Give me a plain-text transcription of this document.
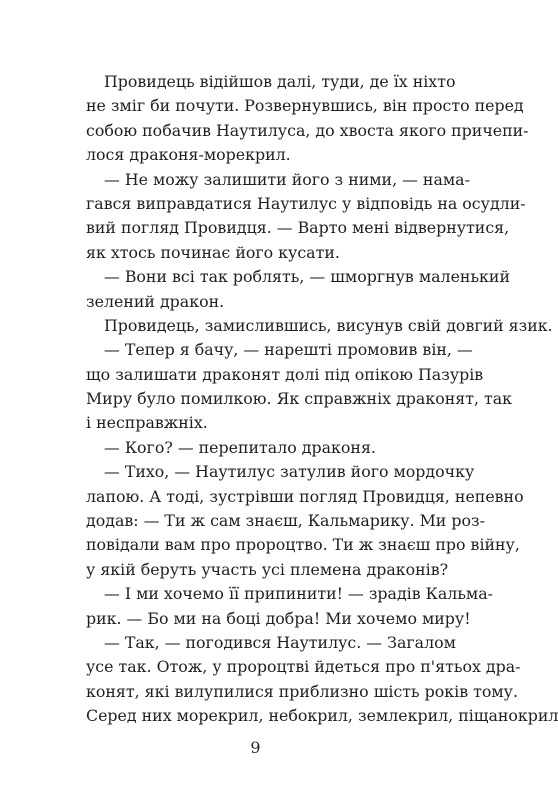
Провидець відійшов далі, туди, де їх ніхто
не зміг би почути. Розвернувшись, він просто перед
собою побачив Наутилуса, до хвоста якого причепи-
лося драконя-морекрил.
— Не можу залишити його з ними, — нама-
гався виправдатися Наутилус у відповідь на осудли-
вий погляд Провидця. — Варто мені відвернутися,
як хтось починає його кусати.
— Вони всі так роблять, — шморгнув маленький
зелений дракон.
Провидець, замислившись, висунув свій довгий язик.
— Тепер я бачу, — нарешті промовив він, —
що залишати драконят долі під опікою Пазурів
Миру було помилкою. Як справжніх драконят, так
і несправжніх.
— Кого? — перепитало драконя.
— Тихо, — Наутилус затулив його мордочку
лапою. А тоді, зустрівши погляд Провидця, непевно
додав: — Ти ж сам знаєш, Кальмарику. Ми роз-
повідали вам про пророцтво. Ти ж знаєш про війну,
у якій беруть участь усі племена драконів?
— І ми хочемо її припинити! — зрадів Кальма-
рик. — Бо ми на боці добра! Ми хочемо миру!
— Так, — погодився Наутилус. — Загалом
усе так. Отож, у пророцтві йдеться про п'ятьох дра-
конят, які вилупилися приблизно шість років тому.
Серед них морекрил, небокрил, землекрил, піщанокрил
9
